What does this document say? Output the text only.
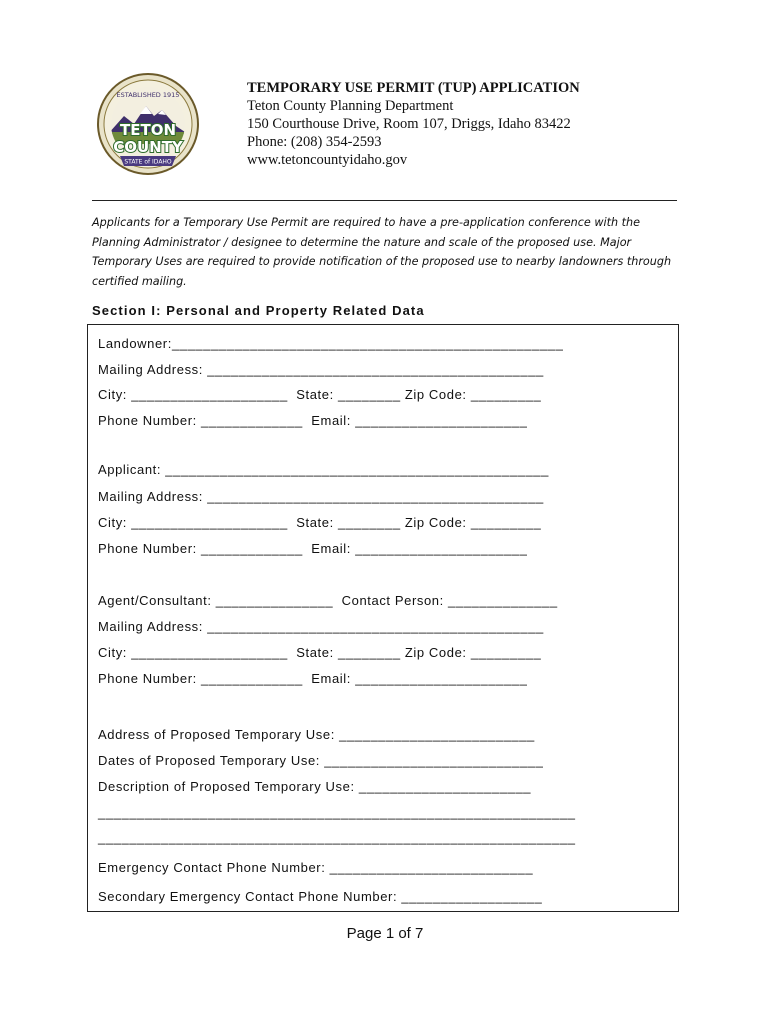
ESTABLISHED 1915
TETON
COUNTY
STATE of IDAHO
TEMPORARY USE PERMIT (TUP) APPLICATION
Teton County Planning Department
150 Courthouse Drive, Room 107, Driggs, Idaho 83422
Phone: (208) 354-2593
www.tetoncountyidaho.gov
Applicants for a Temporary Use Permit are required to have a pre-application conference with the
Planning Administrator / designee to determine the nature and scale of the proposed use. Major
Temporary Uses are required to provide notification of the proposed use to nearby landowners through
certified mailing.
Section I: Personal and Property Related Data
Landowner:__________________________________________________
Mailing Address: ___________________________________________
City: ____________________  State: ________ Zip Code: _________
Phone Number: _____________  Email: ______________________
Applicant: _________________________________________________
Mailing Address: ___________________________________________
City: ____________________  State: ________ Zip Code: _________
Phone Number: _____________  Email: ______________________
Agent/Consultant: _______________  Contact Person: ______________
Mailing Address: ___________________________________________
City: ____________________  State: ________ Zip Code: _________
Phone Number: _____________  Email: ______________________
Address of Proposed Temporary Use: _________________________
Dates of Proposed Temporary Use: ____________________________
Description of Proposed Temporary Use: ______________________
_____________________________________________________________
_____________________________________________________________
Emergency Contact Phone Number: __________________________
Secondary Emergency Contact Phone Number: __________________
Page 1 of 7
